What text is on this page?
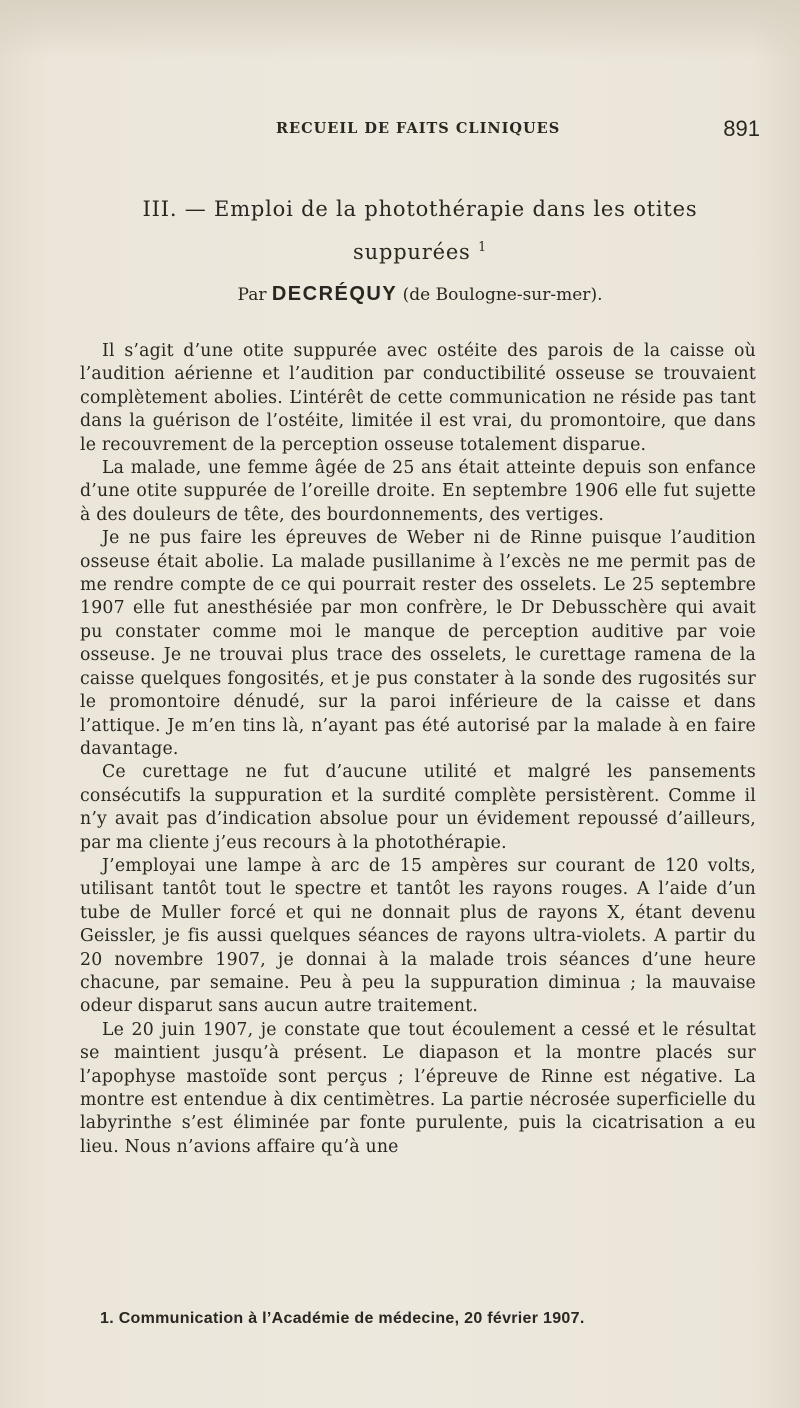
RECUEIL DE FAITS CLINIQUES	891
III. — Emploi de la photothérapie dans les otites
suppurées $^1$
Par DECRÉQUY (de Boulogne-sur-mer).

Il s’agit d’une otite suppurée avec ostéite des parois de la caisse où l’audition aérienne et l’audition par conductibilité osseuse se trouvaient complètement abolies. L’intérêt de cette communication ne réside pas tant dans la guérison de l’ostéite, limitée il est vrai, du promontoire, que dans le recouvrement de la perception osseuse totalement disparue.

La malade, une femme âgée de 25 ans était atteinte depuis son enfance d’une otite suppurée de l’oreille droite. En septembre 1906 elle fut sujette à des douleurs de tête, des bourdonnements, des vertiges.

Je ne pus faire les épreuves de Weber ni de Rinne puisque l’audition osseuse était abolie. La malade pusillanime à l’excès ne me permit pas de me rendre compte de ce qui pourrait rester des osselets. Le 25 septembre 1907 elle fut anesthésiée par mon confrère, le Dr Debusschère qui avait pu constater comme moi le manque de perception auditive par voie osseuse. Je ne trouvai plus trace des osselets, le curettage ramena de la caisse quelques fongosités, et je pus constater à la sonde des rugosités sur le promontoire dénudé, sur la paroi inférieure de la caisse et dans l’attique. Je m’en tins là, n’ayant pas été autorisé par la malade à en faire davantage.

Ce curettage ne fut d’aucune utilité et malgré les pansements consécutifs la suppuration et la surdité complète persistèrent. Comme il n’y avait pas d’indication absolue pour un évidement repoussé d’ailleurs, par ma cliente j’eus recours à la photothérapie.

J’employai une lampe à arc de 15 ampères sur courant de 120 volts, utilisant tantôt tout le spectre et tantôt les rayons rouges. A l’aide d’un tube de Muller forcé et qui ne donnait plus de rayons X, étant devenu Geissler, je fis aussi quelques séances de rayons ultra-violets. A partir du 20 novembre 1907, je donnai à la malade trois séances d’une heure chacune, par semaine. Peu à peu la suppuration diminua ; la mauvaise odeur disparut sans aucun autre traitement.

Le 20 juin 1907, je constate que tout écoulement a cessé et le résultat se maintient jusqu’à présent. Le diapason et la montre placés sur l’apophyse mastoïde sont perçus ; l’épreuve de Rinne est négative. La montre est entendue à dix centimètres. La partie nécrosée superficielle du labyrinthe s’est éliminée par fonte purulente, puis la cicatrisation a eu lieu. Nous n’avions affaire qu’à une

1. Communication à l’Académie de médecine, 20 février 1907.
